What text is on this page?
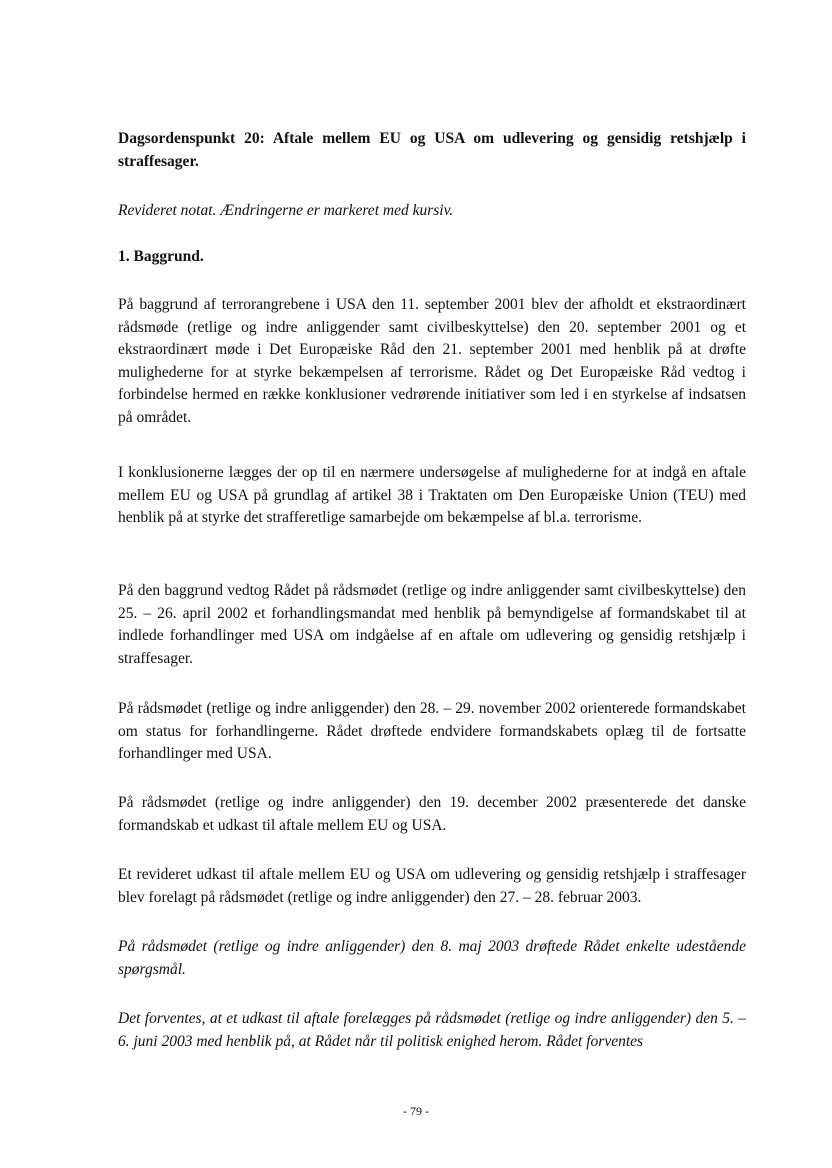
Dagsordenspunkt 20: Aftale mellem EU og USA om udlevering og gensidig retshjælp i straffesager.

Revideret notat. Ændringerne er markeret med kursiv.

1. Baggrund.

På baggrund af terrorangrebene i USA den 11. september 2001 blev der afholdt et ekstraordinært rådsmøde (retlige og indre anliggender samt civilbeskyttelse) den 20. september 2001 og et ekstraordinært møde i Det Europæiske Råd den 21. september 2001 med henblik på at drøfte mulighederne for at styrke bekæmpelsen af terrorisme. Rådet og Det Europæiske Råd vedtog i forbindelse hermed en række konklusioner vedrørende initiativer som led i en styrkelse af indsatsen på området.

I konklusionerne lægges der op til en nærmere undersøgelse af mulighederne for at indgå en aftale mellem EU og USA på grundlag af artikel 38 i Traktaten om Den Europæiske Union (TEU) med henblik på at styrke det strafferetlige samarbejde om bekæmpelse af bl.a. terrorisme.

På den baggrund vedtog Rådet på rådsmødet (retlige og indre anliggender samt civilbeskyttelse) den 25. – 26. april 2002 et forhandlingsmandat med henblik på bemyndigelse af formandskabet til at indlede forhandlinger med USA om indgåelse af en aftale om udlevering og gensidig retshjælp i straffesager.

På rådsmødet (retlige og indre anliggender) den 28. – 29. november 2002 orienterede formandskabet om status for forhandlingerne. Rådet drøftede endvidere formandskabets oplæg til de fortsatte forhandlinger med USA.

På rådsmødet (retlige og indre anliggender) den 19. december 2002 præsenterede det danske formandskab et udkast til aftale mellem EU og USA.

Et revideret udkast til aftale mellem EU og USA om udlevering og gensidig retshjælp i straffesager blev forelagt på rådsmødet (retlige og indre anliggender) den 27. – 28. februar 2003.

På rådsmødet (retlige og indre anliggender) den 8. maj 2003 drøftede Rådet enkelte udestående spørgsmål.

Det forventes, at et udkast til aftale forelægges på rådsmødet (retlige og indre anliggender) den 5. – 6. juni 2003 med henblik på, at Rådet når til politisk enighed herom. Rådet forventes

- 79 -
